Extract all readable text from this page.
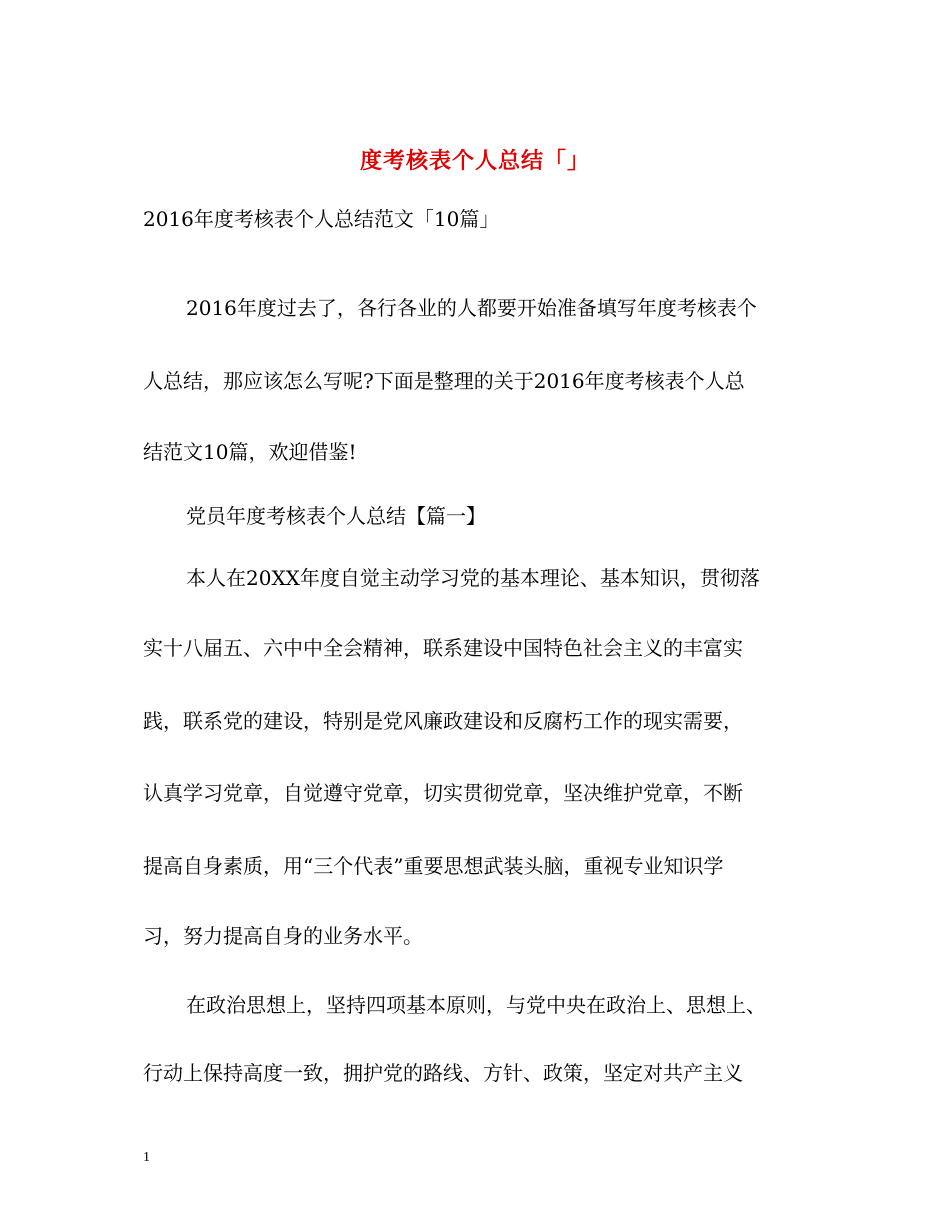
度考核表个人总结「」
2016年度考核表个人总结范文「10篇」
2016年度过去了，各行各业的人都要开始准备填写年度考核表个
人总结，那应该怎么写呢?下面是整理的关于2016年度考核表个人总
结范文10篇，欢迎借鉴!
党员年度考核表个人总结【篇一】
本人在20XX年度自觉主动学习党的基本理论、基本知识，贯彻落
实十八届五、六中中全会精神，联系建设中国特色社会主义的丰富实
践，联系党的建设，特别是党风廉政建设和反腐朽工作的现实需要，
认真学习党章，自觉遵守党章，切实贯彻党章，坚决维护党章，不断
提高自身素质，用“三个代表”重要思想武装头脑，重视专业知识学
习，努力提高自身的业务水平。
在政治思想上，坚持四项基本原则，与党中央在政治上、思想上、
行动上保持高度一致，拥护党的路线、方针、政策，坚定对共产主义
1
